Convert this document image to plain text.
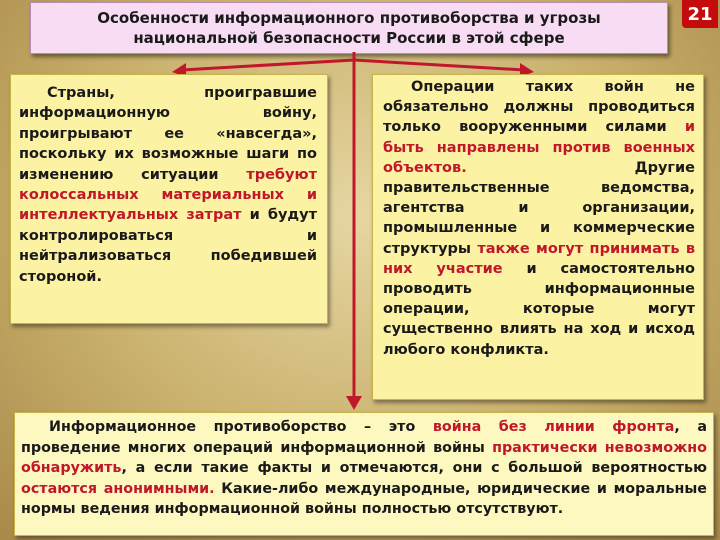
Особенности информационного противоборства и угрозы
национальной безопасности России в этой сфере
21

Страны, проигравшие информационную войну, проигрывают ее «навсегда», поскольку их возможные шаги по изменению ситуации требуют колоссальных материальных и интеллектуальных затрат и будут контролироваться и нейтрализоваться победившей стороной.

Операции таких войн не обязательно должны проводиться только вооруженными силами и быть направлены против военных объектов. Другие правительственные ведомства, агентства и организации, промышленные и коммерческие структуры также могут принимать в них участие и самостоятельно проводить информационные операции, которые могут существенно влиять на ход и исход любого конфликта.

Информационное противоборство – это война без линии фронта, а проведение многих операций информационной войны практически невозможно обнаружить, а если такие факты и отмечаются, они с большой вероятностью остаются анонимными. Какие-либо международные, юридические и моральные нормы ведения информационной войны полностью отсутствуют.
